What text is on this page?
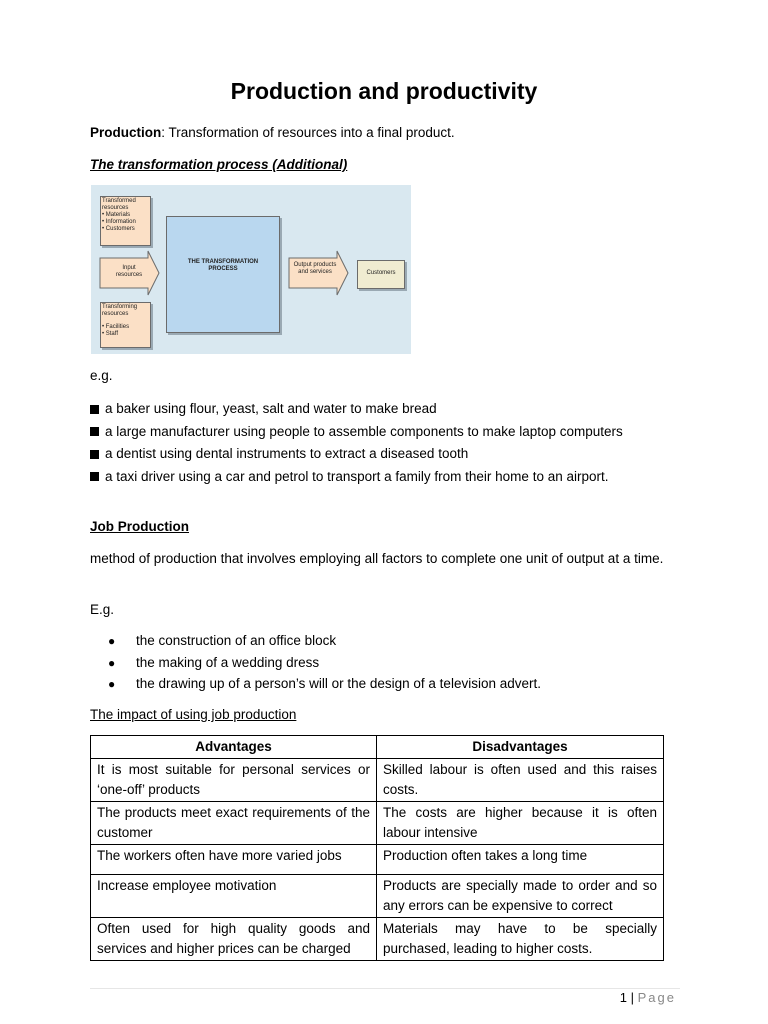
Production and productivity
Production: Transformation of resources into a final product.
The transformation process (Additional)
Transformed resources
• Materials
• Information
• Customers
Input resources
THE TRANSFORMATION PROCESS
Output products and services	Customers
Transforming resources
• Facilities
• Staff
e.g.
a baker using flour, yeast, salt and water to make bread
a large manufacturer using people to assemble components to make laptop computers
a dentist using dental instruments to extract a diseased tooth
a taxi driver using a car and petrol to transport a family from their home to an airport.
Job Production
method of production that involves employing all factors to complete one unit of output at a time.
E.g.
● the construction of an office block
● the making of a wedding dress
● the drawing up of a person’s will or the design of a television advert.
The impact of using job production
Advantages	Disadvantages
It is most suitable for personal services or ‘one-off’ products	Skilled labour is often used and this raises costs.
The products meet exact requirements of the customer	The costs are higher because it is often labour intensive
The workers often have more varied jobs	Production often takes a long time
Increase employee motivation	Products are specially made to order and so any errors can be expensive to correct
Often used for high quality goods and services and higher prices can be charged	Materials may have to be specially purchased, leading to higher costs.
1 | Page
